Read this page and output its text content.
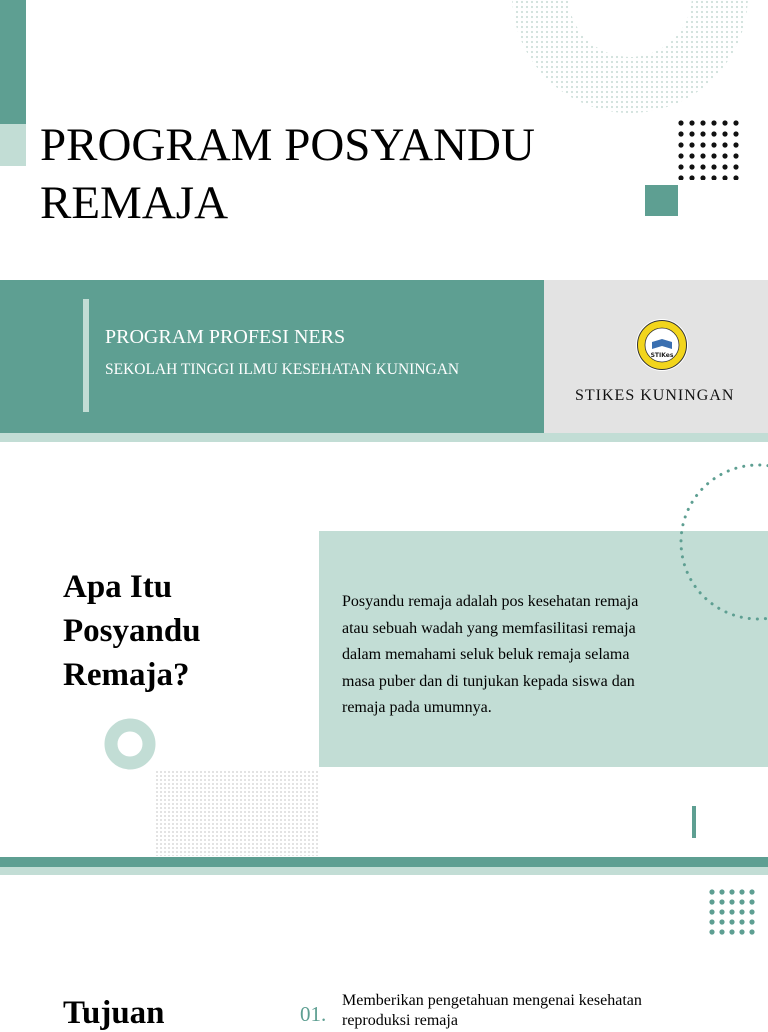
PROGRAM POSYANDU
REMAJA
PROGRAM PROFESI NERS
SEKOLAH TINGGI ILMU KESEHATAN KUNINGAN
STIKes
STIKES KUNINGAN
Apa Itu
Posyandu
Remaja?
Posyandu remaja adalah pos kesehatan remaja
atau sebuah wadah yang memfasilitasi remaja
dalam memahami seluk beluk remaja selama
masa puber dan di tunjukan kepada siswa dan
remaja pada umumnya.
Tujuan	01.
Memberikan pengetahuan mengenai kesehatan
reproduksi remaja
